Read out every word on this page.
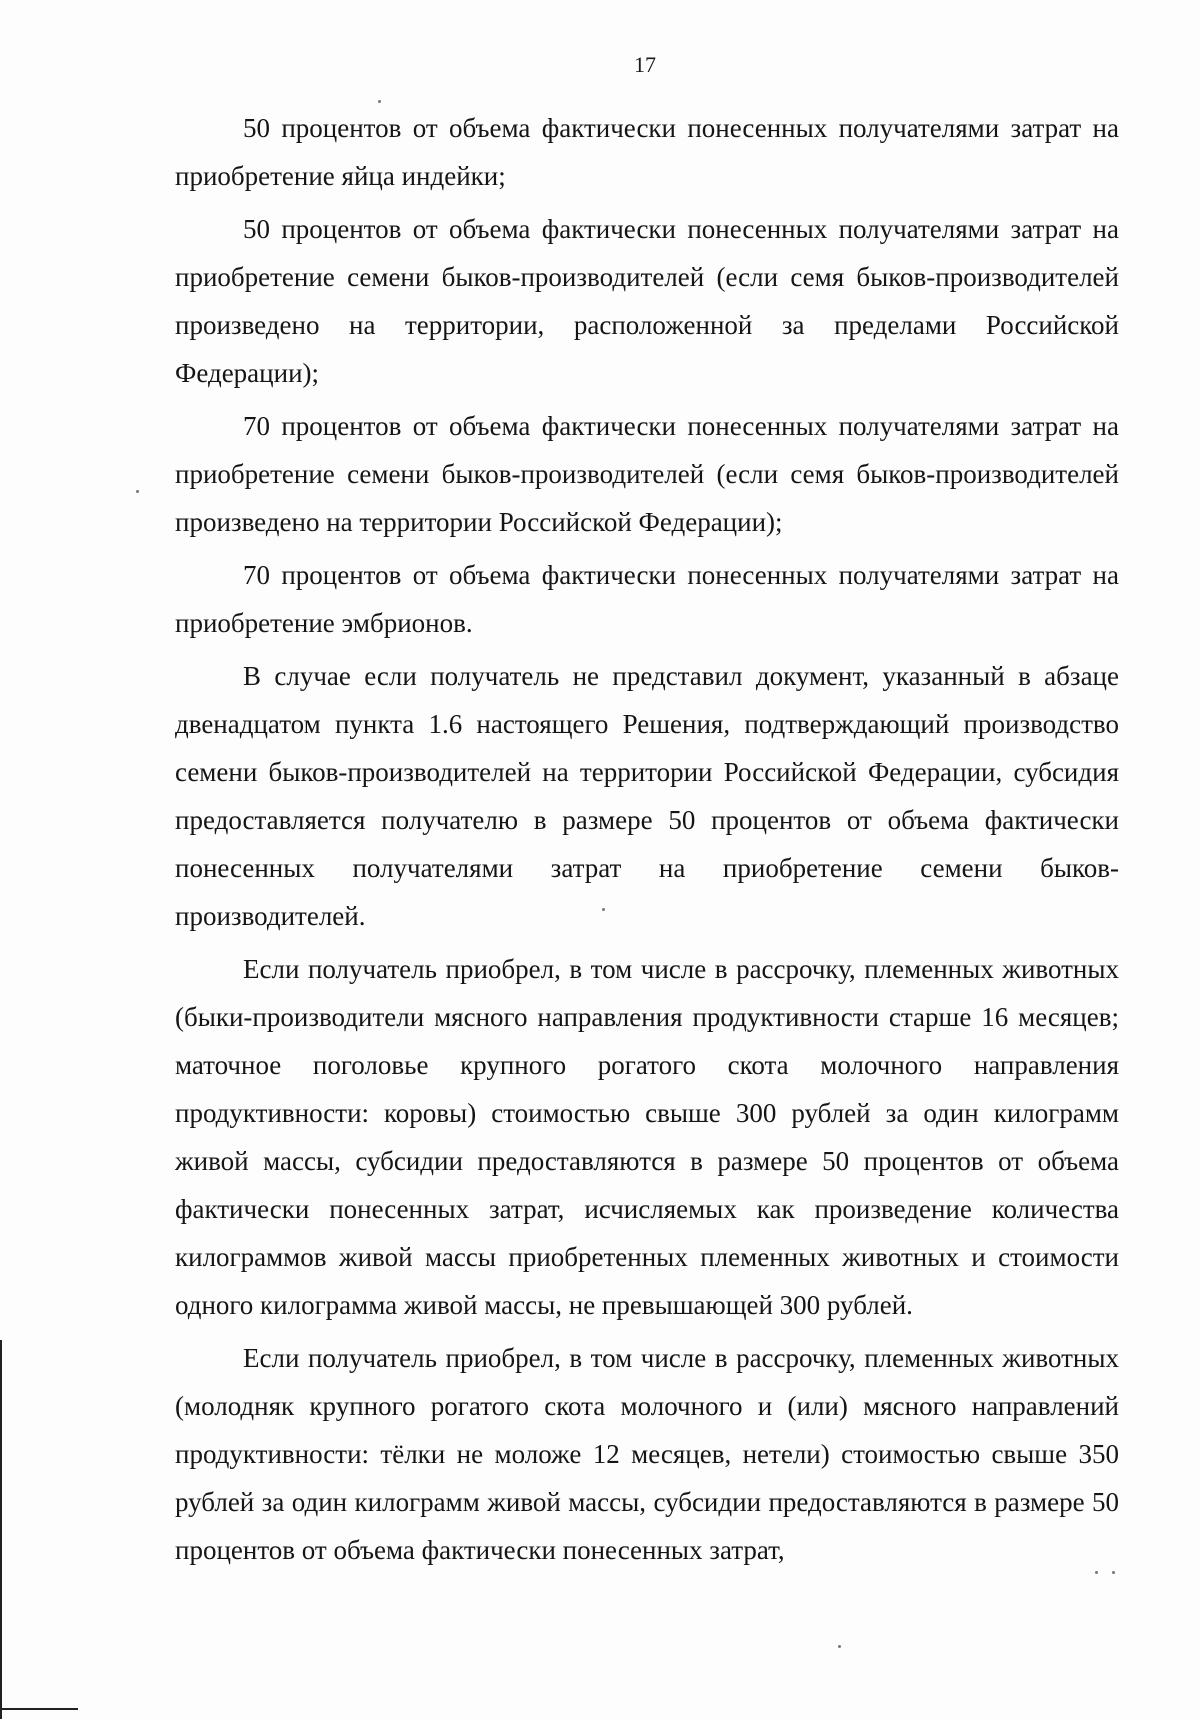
17

50 процентов от объема фактически понесенных получателями затрат на приобретение яйца индейки;

50 процентов от объема фактически понесенных получателями затрат на приобретение семени быков-производителей (если семя быков-производителей произведено на территории, расположенной за пределами Российской Федерации);

70 процентов от объема фактически понесенных получателями затрат на приобретение семени быков-производителей (если семя быков-производителей произведено на территории Российской Федерации);

70 процентов от объема фактически понесенных получателями затрат на приобретение эмбрионов.

В случае если получатель не представил документ, указанный в абзаце двенадцатом пункта 1.6 настоящего Решения, подтверждающий производство семени быков-производителей на территории Российской Федерации, субсидия предоставляется получателю в размере 50 процентов от объема фактически понесенных получателями затрат на приобретение семени быков-производителей.

Если получатель приобрел, в том числе в рассрочку, племенных животных (быки-производители мясного направления продуктивности старше 16 месяцев; маточное поголовье крупного рогатого скота молочного направления продуктивности: коровы) стоимостью свыше 300 рублей за один килограмм живой массы, субсидии предоставляются в размере 50 процентов от объема фактически понесенных затрат, исчисляемых как произведение количества килограммов живой массы приобретенных племенных животных и стоимости одного килограмма живой массы, не превышающей 300 рублей.

Если получатель приобрел, в том числе в рассрочку, племенных животных (молодняк крупного рогатого скота молочного и (или) мясного направлений продуктивности: тёлки не моложе 12 месяцев, нетели) стоимостью свыше 350 рублей за один килограмм живой массы, субсидии предоставляются в размере 50 процентов от объема фактически понесенных затрат,
